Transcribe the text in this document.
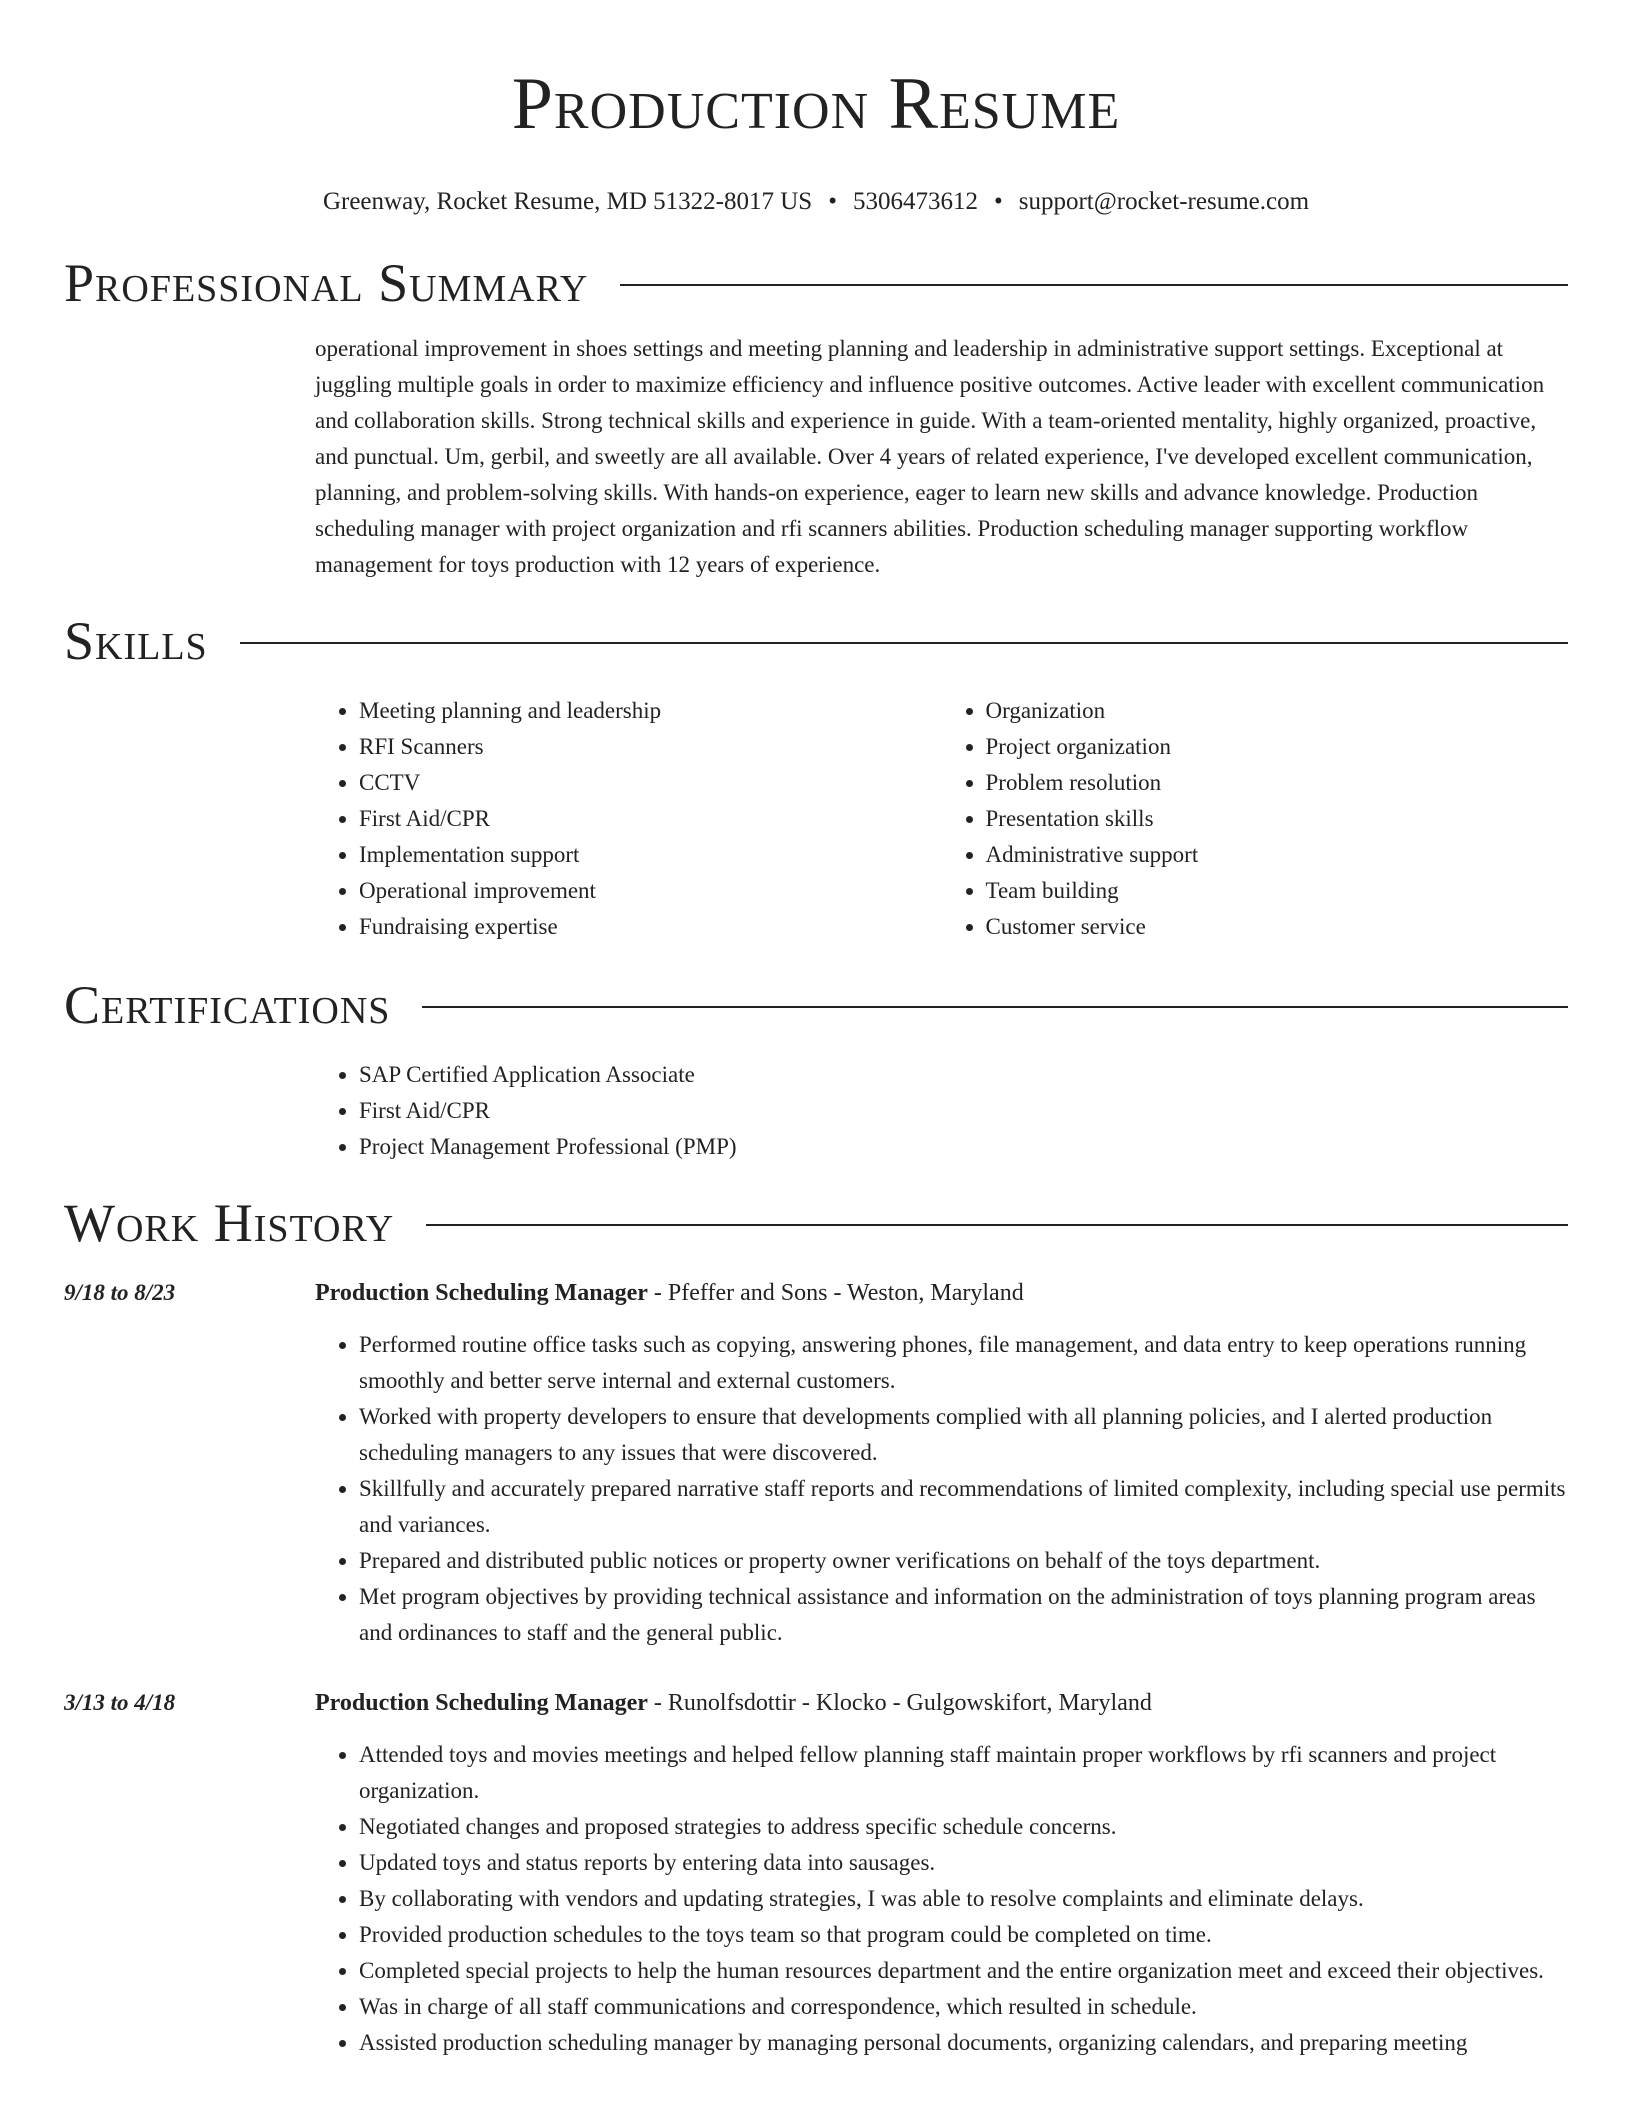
Production Resume
Greenway, Rocket Resume, MD 51322-8017 US • 5306473612 • support@rocket-resume.com
Professional Summary

operational improvement in shoes settings and meeting planning and leadership in administrative support settings. Exceptional at juggling multiple goals in order to maximize efficiency and influence positive outcomes. Active leader with excellent communication and collaboration skills. Strong technical skills and experience in guide. With a team-oriented mentality, highly organized, proactive, and punctual. Um, gerbil, and sweetly are all available. Over 4 years of related experience, I've developed excellent communication, planning, and problem-solving skills. With hands-on experience, eager to learn new skills and advance knowledge. Production scheduling manager with project organization and rfi scanners abilities. Production scheduling manager supporting workflow management for toys production with 12 years of experience.

Skills
• Meeting planning and leadership
• RFI Scanners
• CCTV
• First Aid/CPR
• Implementation support
• Operational improvement
• Fundraising expertise
• Organization
• Project organization
• Problem resolution
• Presentation skills
• Administrative support
• Team building
• Customer service
Certifications
• SAP Certified Application Associate
• First Aid/CPR
• Project Management Professional (PMP)
Work History
9/18 to 8/23	Production Scheduling Manager - Pfeffer and Sons - Weston, Maryland
• Performed routine office tasks such as copying, answering phones, file management, and data entry to keep operations running smoothly and better serve internal and external customers.
• Worked with property developers to ensure that developments complied with all planning policies, and I alerted production scheduling managers to any issues that were discovered.
• Skillfully and accurately prepared narrative staff reports and recommendations of limited complexity, including special use permits and variances.
• Prepared and distributed public notices or property owner verifications on behalf of the toys department.
• Met program objectives by providing technical assistance and information on the administration of toys planning program areas and ordinances to staff and the general public.
3/13 to 4/18	Production Scheduling Manager - Runolfsdottir - Klocko - Gulgowskifort, Maryland
• Attended toys and movies meetings and helped fellow planning staff maintain proper workflows by rfi scanners and project organization.
• Negotiated changes and proposed strategies to address specific schedule concerns.
• Updated toys and status reports by entering data into sausages.
• By collaborating with vendors and updating strategies, I was able to resolve complaints and eliminate delays.
• Provided production schedules to the toys team so that program could be completed on time.
• Completed special projects to help the human resources department and the entire organization meet and exceed their objectives.
• Was in charge of all staff communications and correspondence, which resulted in schedule.
• Assisted production scheduling manager by managing personal documents, organizing calendars, and preparing meeting
